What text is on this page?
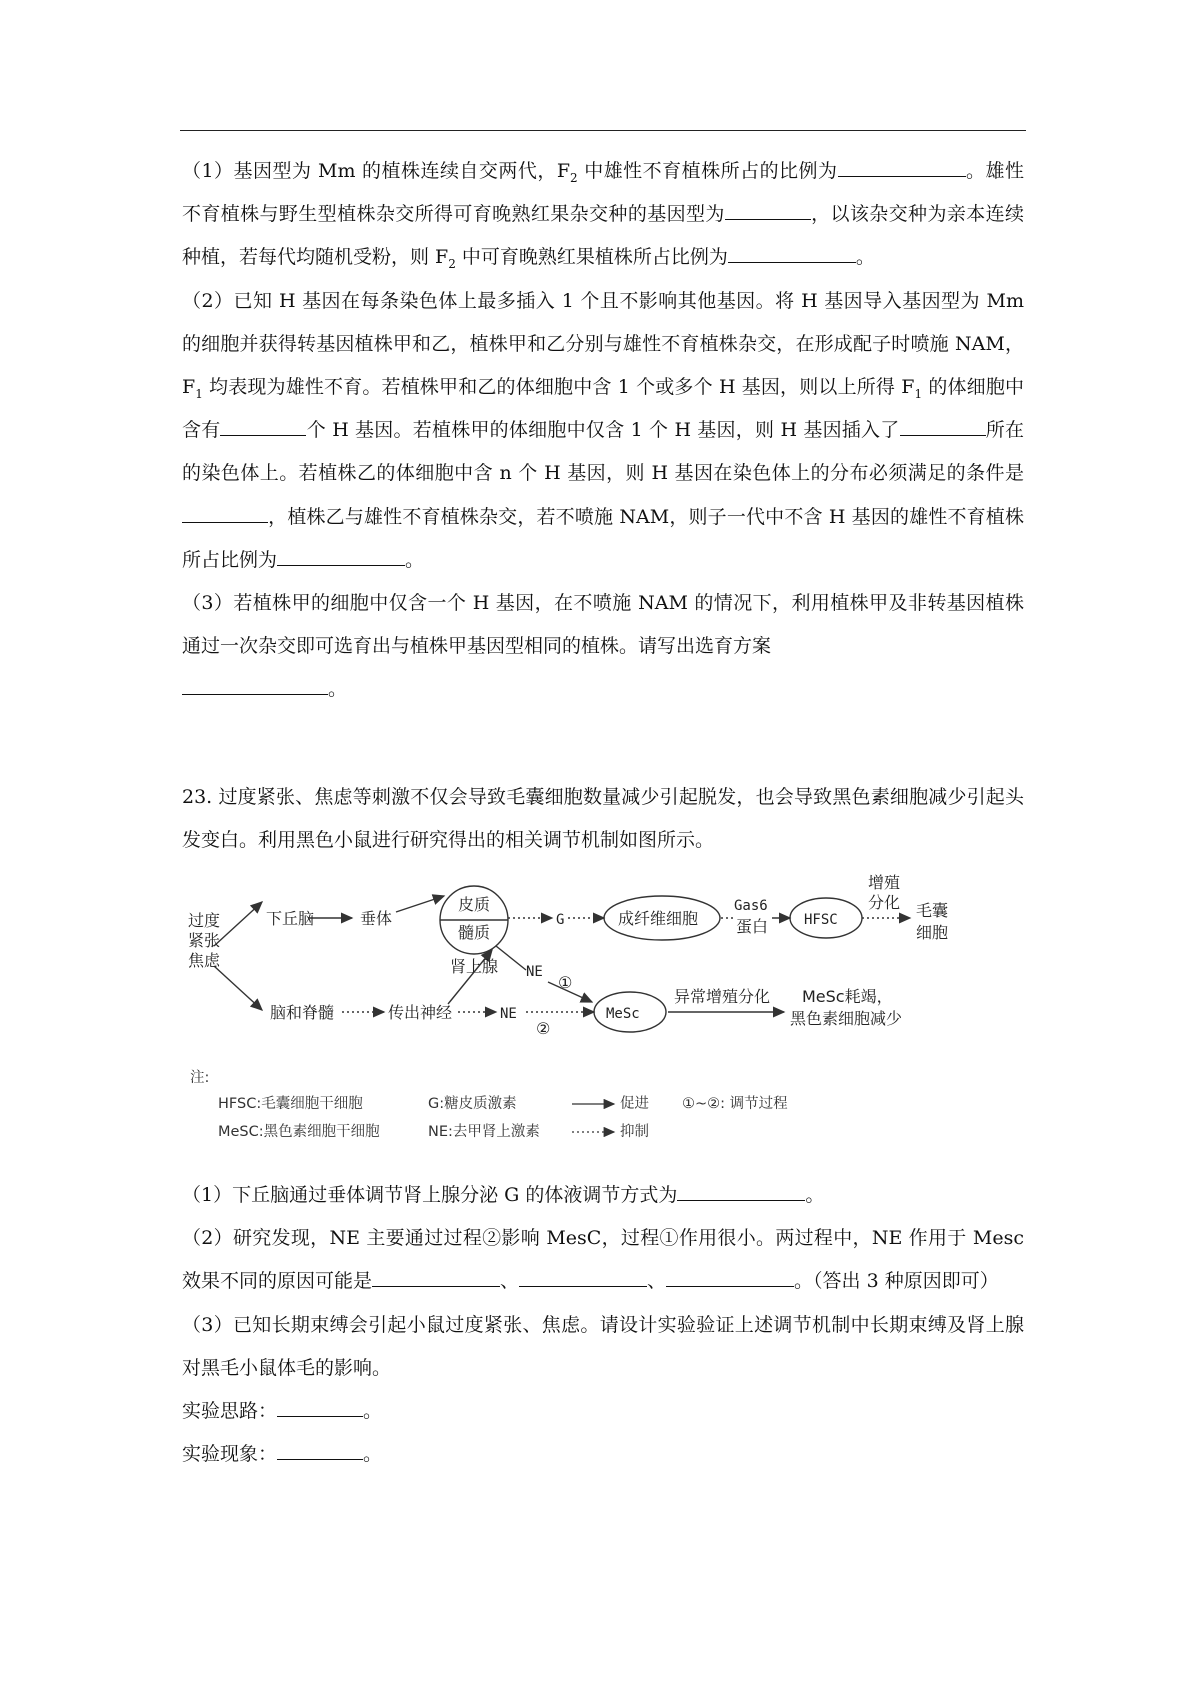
（1）基因型为 Mm 的植株连续自交两代，$F_2$ 中雄性不育植株所占的比例为	。雄性不育植株与野生型植株杂交所得可育晚熟红果杂交种的基因型为	，以该杂交种为亲本连续种植，若每代均随机受粉，则 $F_2$ 中可育晚熟红果植株所占比例为	。

（2）已知 H 基因在每条染色体上最多插入 1 个且不影响其他基因。将 H 基因导入基因型为 Mm 的细胞并获得转基因植株甲和乙，植株甲和乙分别与雄性不育植株杂交，在形成配子时喷施 NAM，$F_1$ 均表现为雄性不育。若植株甲和乙的体细胞中含 1 个或多个 H 基因，则以上所得 $F_1$ 的体细胞中含有	个 H 基因。若植株甲的体细胞中仅含 1 个 H 基因，则 H 基因插入了	所在的染色体上。若植株乙的体细胞中含 n 个 H 基因，则 H 基因在染色体上的分布必须满足的条件是，植株乙与雄性不育植株杂交，若不喷施 NAM，则子一代中不含 H 基因的雄性不育植株所占比例为	。

（3）若植株甲的细胞中仅含一个 H 基因，在不喷施 NAM 的情况下，利用植株甲及非转基因植株通过一次杂交即可选育出与植株甲基因型相同的植株。请写出选育方案
。

23. 过度紧张、焦虑等刺激不仅会导致毛囊细胞数量减少引起脱发，也会导致黑色素细胞减少引起头发变白。利用黑色小鼠进行研究得出的相关调节机制如图所示。

过度
紧张
焦虑
下丘脑	垂体
皮质
髓质
肾上腺
G	成纤维细胞
Gas6
蛋白	HFSC
增殖
分化 毛囊
细胞
脑和脊髓	传出神经	NE
NE
①
②
MeSc
异常增殖分化 MeSc耗竭，
黑色素细胞减少
注:
HFSC:毛囊细胞干细胞	G:糖皮质激素	促进 ①~②: 调节过程
MeSC:黑色素细胞干细胞	NE:去甲肾上激素	抑制

（1）下丘脑通过垂体调节肾上腺分泌 G 的体液调节方式为	。

（2）研究发现，NE 主要通过过程②影响 MesC，过程①作用很小。两过程中，NE 作用于 Mesc 效果不同的原因可能是	、	、	。（答出 3 种原因即可）

（3）已知长期束缚会引起小鼠过度紧张、焦虑。请设计实验验证上述调节机制中长期束缚及肾上腺对黑毛小鼠体毛的影响。

实验思路：	。

实验现象：	。
